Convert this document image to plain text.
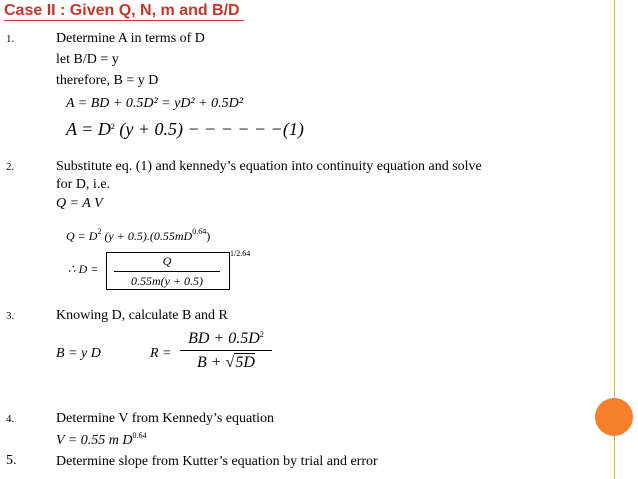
Case II : Given Q, N, m and B/D
1.	Determine A in terms of D
let B/D = y
therefore, B = y D
A = BD + 0.5D² = yD² + 0.5D²
$A = D^2$ (y + 0.5) − − − − − −(1)
2.	Substitute eq. (1) and kennedy’s equation into continuity equation and solve
for D, i.e.
Q = A V
$Q = D^2$ $(y + 0.5).(0.55mD^{0.64})$
∴ $D = \frac{Q}{0.55m(y + 0.5)}$
1/2.64
3.	Knowing D, calculate B and R
B = y D	R =
BD + $0.5D^2$
B + √5D
4.	Determine V from Kennedy’s equation
V = 0.55 m $D^{0.64}$
5.	Determine slope from Kutter’s equation by trial and error
